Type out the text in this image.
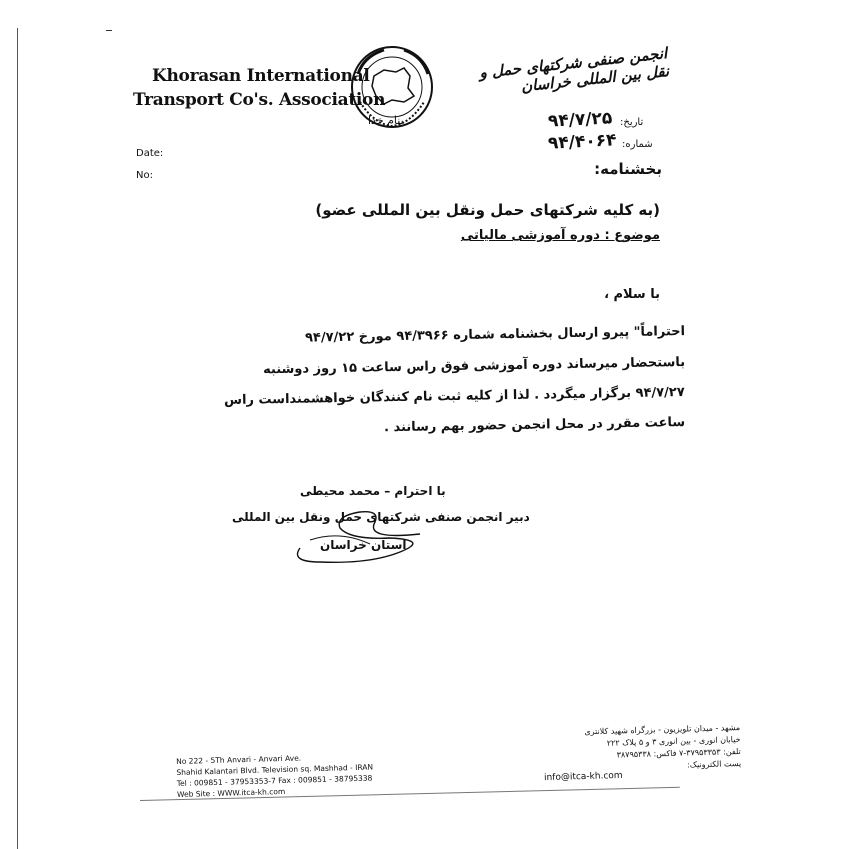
Khorasan International
Transport Co's. Association
بنام خدا
انجمن صنفی شرکتهای حمل و نقل بین المللی خراسان
Date:
No:
تاریخ:
شماره:
۹۴/۷/۲۵
۹۴/۴۰۶۴
بخشنامه:
(به کلیه شرکتهای حمل ونقل بین المللی عضو)
موضوع : دوره آموزشی مالیاتی
با سلام ،
احتراماً" پیرو ارسال بخشنامه شماره ۹۴/۳۹۶۶ مورخ ۹۴/۷/۲۲
باستحضار میرساند دوره آموزشی فوق راس ساعت ۱۵ روز دوشنبه
۹۴/۷/۲۷ برگزار میگردد . لذا از کلیه ثبت نام کنندگان خواهشمنداست راس
ساعت مقرر در محل انجمن حضور بهم رسانند .
با احترام – محمد محیطی
دبیر انجمن صنفی شرکتهای حمل ونقل بین المللی
استان خراسان
No 222 - 5Th Anvari - Anvari Ave.
Shahid Kalantari Blvd. Television sq. Mashhad - IRAN
Tel : 009851 - 37953353-7 Fax : 009851 - 38795338
Web Site : WWW.itca-kh.com
مشهد - میدان تلویزیون - بزرگراه شهید کلانتری
خیابان انوری - بین انوری ۳ و ۵ پلاک ۲۲۲
تلفن: ۳۷۹۵۳۳۵۳-۷ فاکس: ۳۸۷۹۵۳۳۸
پست الکترونیک:
info@itca-kh.com
